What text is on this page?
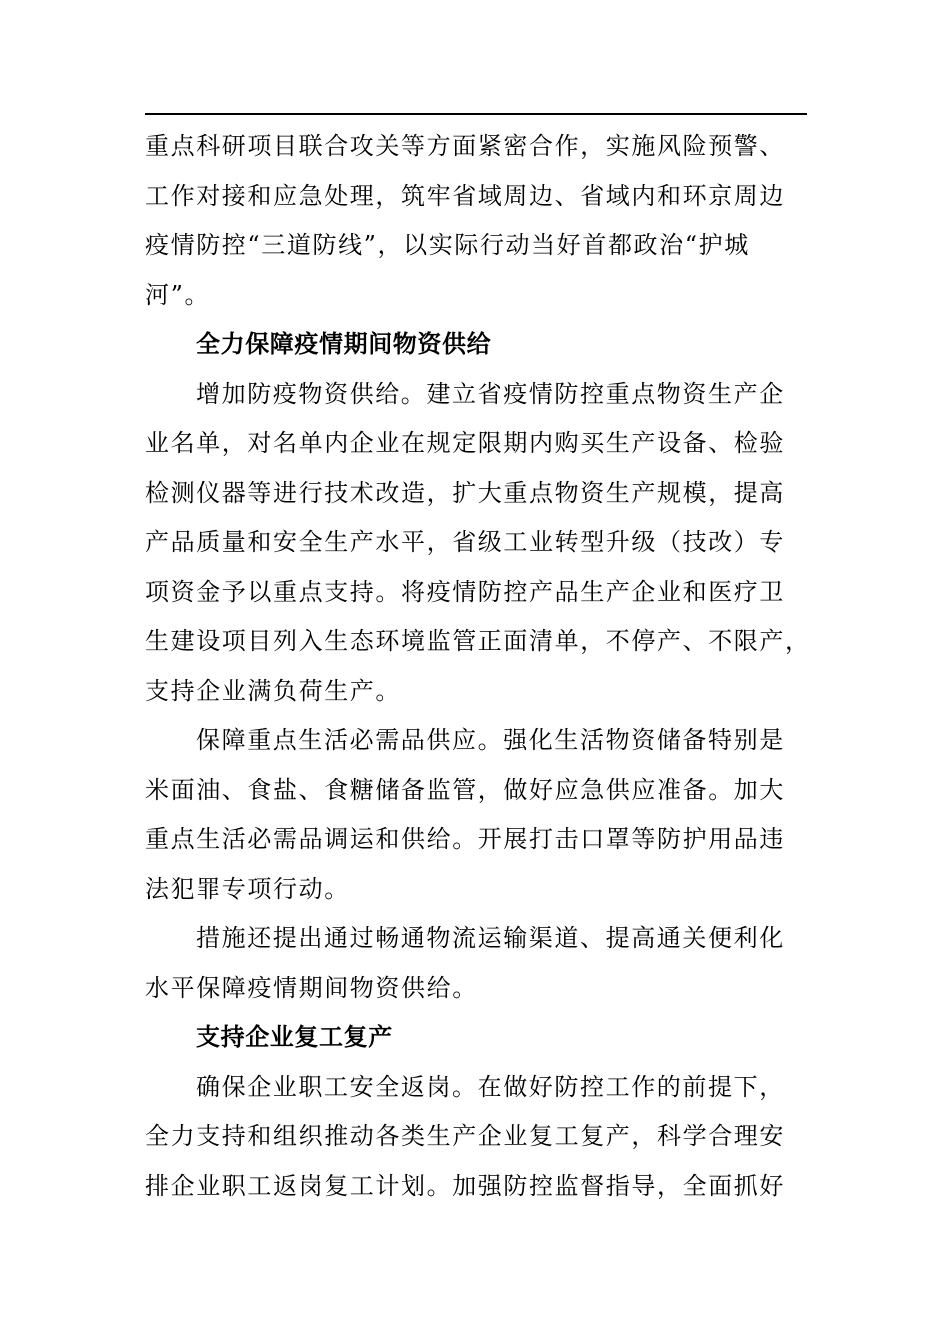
重点科研项目联合攻关等方面紧密合作，实施风险预警、
工作对接和应急处理，筑牢省域周边、省域内和环京周边
疫情防控“三道防线”，以实际行动当好首都政治“护城
河”。
全力保障疫情期间物资供给
增加防疫物资供给。建立省疫情防控重点物资生产企
业名单，对名单内企业在规定限期内购买生产设备、检验
检测仪器等进行技术改造，扩大重点物资生产规模，提高
产品质量和安全生产水平，省级工业转型升级（技改）专
项资金予以重点支持。将疫情防控产品生产企业和医疗卫
生建设项目列入生态环境监管正面清单，不停产、不限产，
支持企业满负荷生产。
保障重点生活必需品供应。强化生活物资储备特别是
米面油、食盐、食糖储备监管，做好应急供应准备。加大
重点生活必需品调运和供给。开展打击口罩等防护用品违
法犯罪专项行动。
措施还提出通过畅通物流运输渠道、提高通关便利化
水平保障疫情期间物资供给。
支持企业复工复产
确保企业职工安全返岗。在做好防控工作的前提下，
全力支持和组织推动各类生产企业复工复产，科学合理安
排企业职工返岗复工计划。加强防控监督指导，全面抓好
